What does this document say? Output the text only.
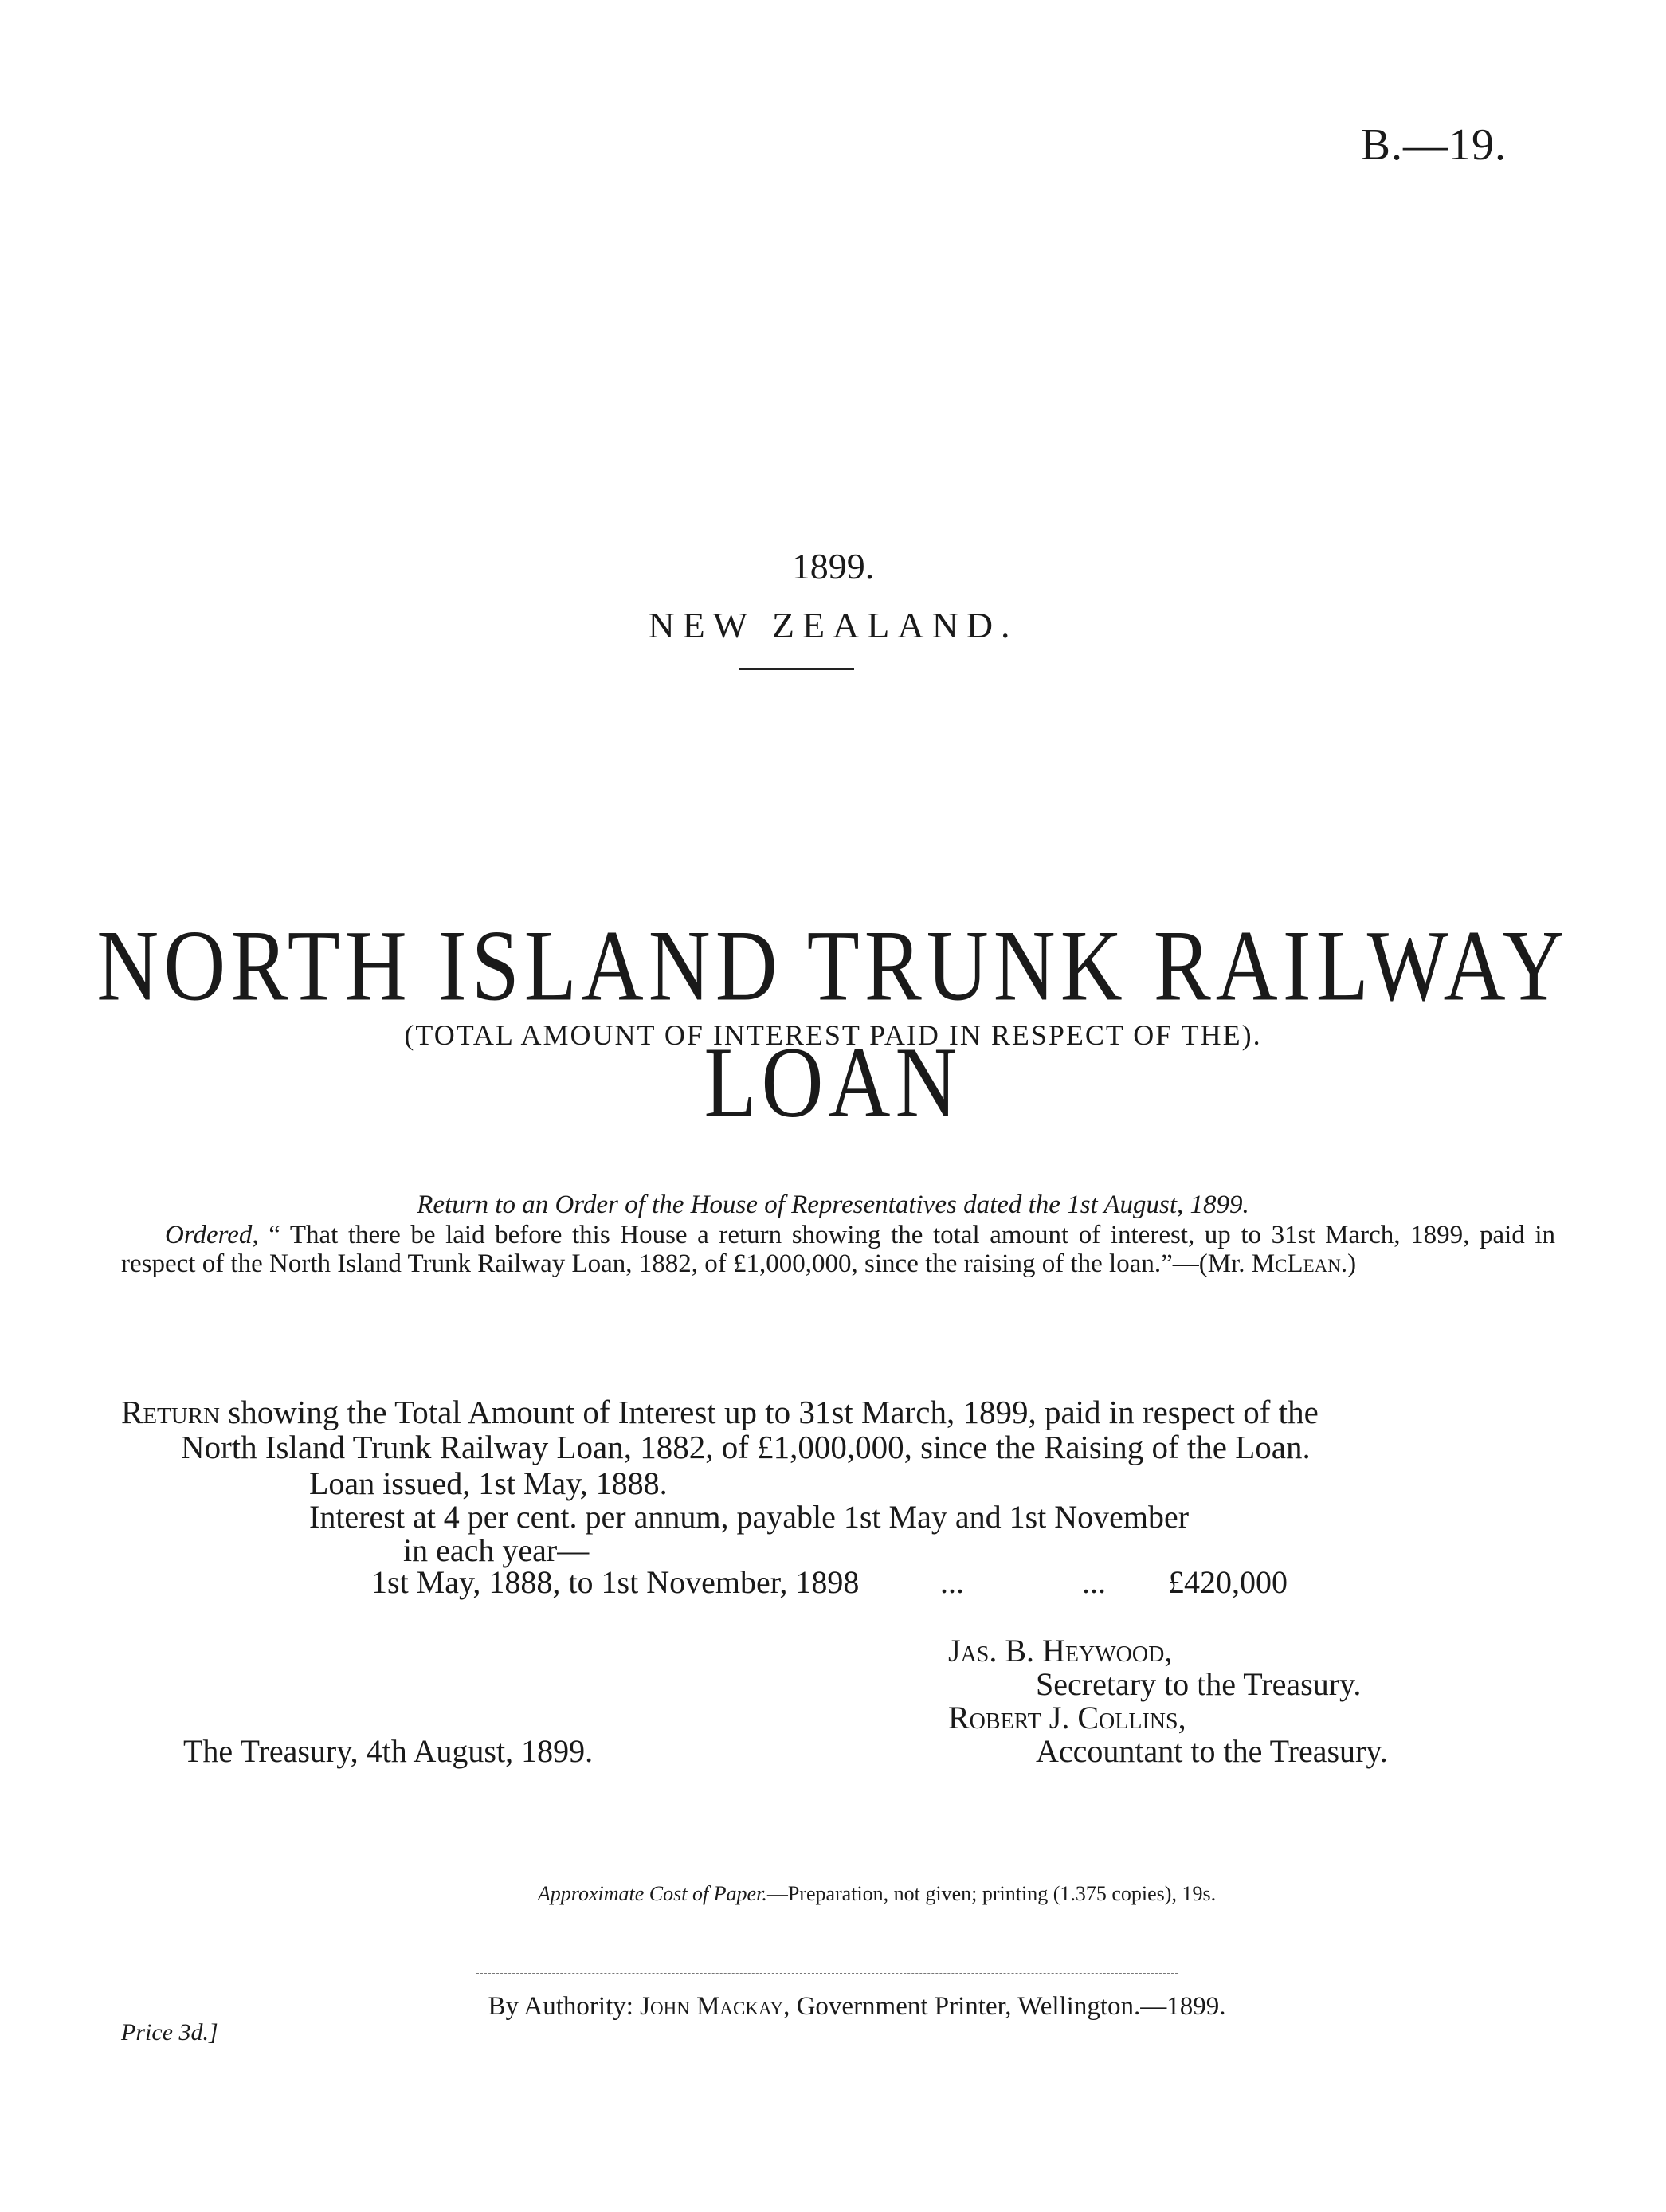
B.—19.
1899.
NEW ZEALAND.
NORTH ISLAND TRUNK RAILWAY LOAN
(TOTAL AMOUNT OF INTEREST PAID IN RESPECT OF THE).
Return to an Order of the House of Representatives dated the 1st August, 1899.
Ordered, “ That there be laid before this House a return showing the total amount of interest, up to 31st March, 1899, paid in respect of the North Island Trunk Railway Loan, 1882, of £1,000,000, since the raising of the loan.”—(Mr. McLean.)
Return showing the Total Amount of Interest up to 31st March, 1899, paid in respect of the
North Island Trunk Railway Loan, 1882, of £1,000,000, since the Raising of the Loan.
Loan issued, 1st May, 1888.
Interest at 4 per cent. per annum, payable 1st May and 1st November
in each year—
1st May, 1888, to 1st November, 1898	...	... £420,000
Jas. B. Heywood,
Secretary to the Treasury.
Robert J. Collins,
Accountant to the Treasury.
The Treasury, 4th August, 1899.
Approximate Cost of Paper.—Preparation, not given; printing (1.375 copies), 19s.
By Authority: John Mackay, Government Printer, Wellington.—1899.
Price 3d.]
